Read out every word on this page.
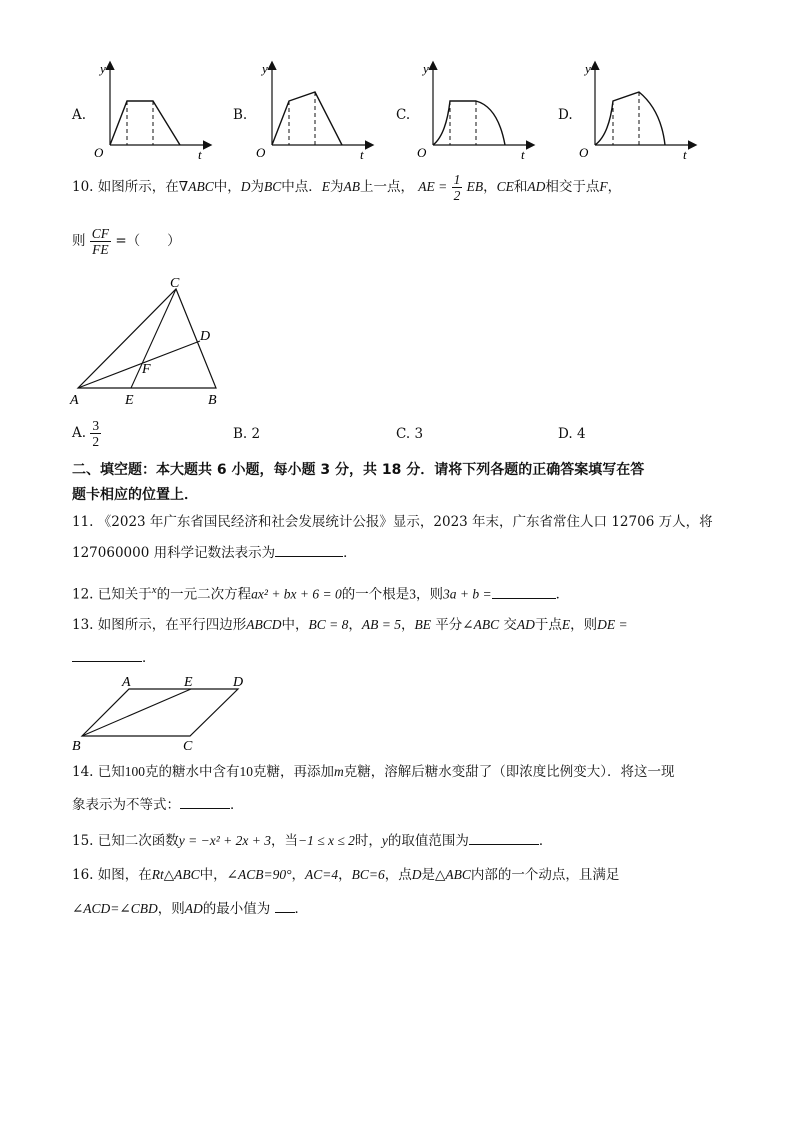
A.
y
O	t
B.
y
O	t
C.
y
O	t
D.
y
O	t
10. 如图所示，在∇ABC中，D为BC中点．E为AB上一点， AE = $\frac{1}{2}$ EB，CE和AD相交于点F，
则 $\frac{CF}{FE}$ =（　　）
C
D
F
A	E	B
A. $\frac{3}{2}$	B. 2	C. 3	D. 4
二、填空题：本大题共 6 小题，每小题 3 分，共 18 分．请将下列各题的正确答案填写在答
题卡相应的位置上．
11. 《2023 年广东省国民经济和社会发展统计公报》显示，2023 年末，广东省常住人口 12706 万人，将
127060000 用科学记数法表示为	．
12. 已知关于$^x$的一元二次方程ax² + bx + 6 = 0的一个根是3，则3a + b =	．
13. 如图所示，在平行四边形ABCD中，BC = 8，AB = 5，BE 平分∠ABC 交AD于点E，则DE =
．
A	E	D
B	C
14. 已知100克的糖水中含有10克糖，再添加m克糖，溶解后糖水变甜了（即浓度比例变大）．将这一现
象表示为不等式：	．
15. 已知二次函数y = −x² + 2x + 3，当−1 ≤ x ≤ 2时，y的取值范围为	．
16. 如图，在Rt△ABC中，∠ACB=90°，AC=4，BC=6，点D是△ABC内部的一个动点，且满足
∠ACD=∠CBD，则AD的最小值为 ．
